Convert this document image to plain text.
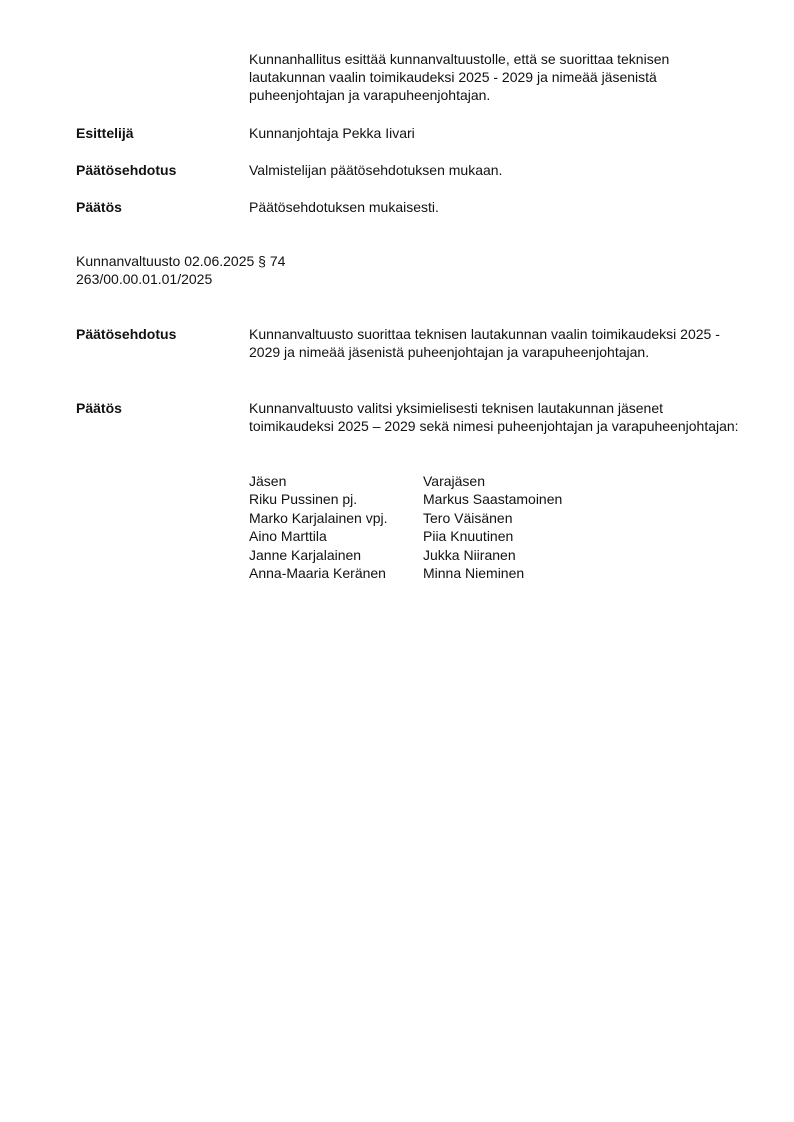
Kunnanhallitus esittää kunnanvaltuustolle, että se suorittaa teknisen lautakunnan vaalin toimikaudeksi 2025 - 2029 ja nimeää jäsenistä puheenjohtajan ja varapuheenjohtajan.
Esittelijä	Kunnanjohtaja Pekka Iivari
Päätösehdotus	Valmistelijan päätösehdotuksen mukaan.
Päätös	Päätösehdotuksen mukaisesti.
Kunnanvaltuusto 02.06.2025 § 74
263/00.00.01.01/2025
Päätösehdotus	Kunnanvaltuusto suorittaa teknisen lautakunnan vaalin toimikaudeksi 2025 - 2029 ja nimeää jäsenistä puheenjohtajan ja varapuheenjohtajan.
Päätös	Kunnanvaltuusto valitsi yksimielisesti teknisen lautakunnan jäsenet toimikaudeksi 2025 – 2029 sekä nimesi puheenjohtajan ja varapuheenjohtajan:
Jäsen	Varajäsen
Riku Pussinen pj.	Markus Saastamoinen
Marko Karjalainen vpj.	Tero Väisänen
Aino Marttila	Piia Knuutinen
Janne Karjalainen	Jukka Niiranen
Anna-Maaria Keränen	Minna Nieminen
